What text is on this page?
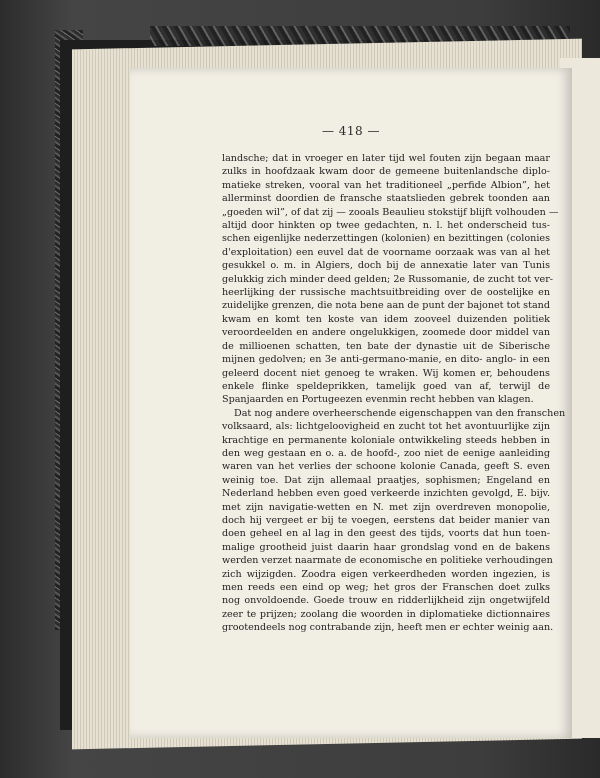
— 418 —
landsche; dat in vroeger en later tijd wel fouten zijn begaan maar
zulks in hoofdzaak kwam door de gemeene buitenlandsche diplo-
matieke streken, vooral van het traditioneel „perfide Albion”, het
allerminst doordien de fransche staatslieden gebrek toonden aan
„goeden wil”, of dat zij — zooals Beaulieu stokstijf blijft volhouden —
altijd door hinkten op twee gedachten, n. l. het onderscheid tus-
schen eigenlijke nederzettingen (kolonien) en bezittingen (colonies
d'exploitation) een euvel dat de voorname oorzaak was van al het
gesukkel o. m. in Algiers, doch bij de annexatie later van Tunis
gelukkig zich minder deed gelden; 2e Russomanie, de zucht tot ver-
heerlijking der russische machtsuitbreiding over de oostelijke en
zuidelijke grenzen, die nota bene aan de punt der bajonet tot stand
kwam en komt ten koste van idem zooveel duizenden politiek
veroordeelden en andere ongelukkigen, zoomede door middel van
de millioenen schatten, ten bate der dynastie uit de Siberische
mijnen gedolven; en 3e anti-germano-manie, en dito- anglo- in een
geleerd docent niet genoeg te wraken. Wij komen er, behoudens
enkele flinke speldeprikken, tamelijk goed van af, terwijl de
Spanjaarden en Portugeezen evenmin recht hebben van klagen.
Dat nog andere overheerschende eigenschappen van den franschen
volksaard, als: lichtgeloovigheid en zucht tot het avontuurlijke zijn
krachtige en permanente koloniale ontwikkeling steeds hebben in
den weg gestaan en o. a. de hoofd-, zoo niet de eenige aanleiding
waren van het verlies der schoone kolonie Canada, geeft S. even
weinig toe. Dat zijn allemaal praatjes, sophismen; Engeland en
Nederland hebben even goed verkeerde inzichten gevolgd, E. bijv.
met zijn navigatie-wetten en N. met zijn overdreven monopolie,
doch hij vergeet er bij te voegen, eerstens dat beider manier van
doen geheel en al lag in den geest des tijds, voorts dat hun toen-
malige grootheid juist daarin haar grondslag vond en de bakens
werden verzet naarmate de economische en politieke verhoudingen
zich wijzigden. Zoodra eigen verkeerdheden worden ingezien, is
men reeds een eind op weg; het gros der Franschen doet zulks
nog onvoldoende. Goede trouw en ridderlijkheid zijn ongetwijfeld
zeer te prijzen; zoolang die woorden in diplomatieke dictionnaires
grootendeels nog contrabande zijn, heeft men er echter weinig aan.
